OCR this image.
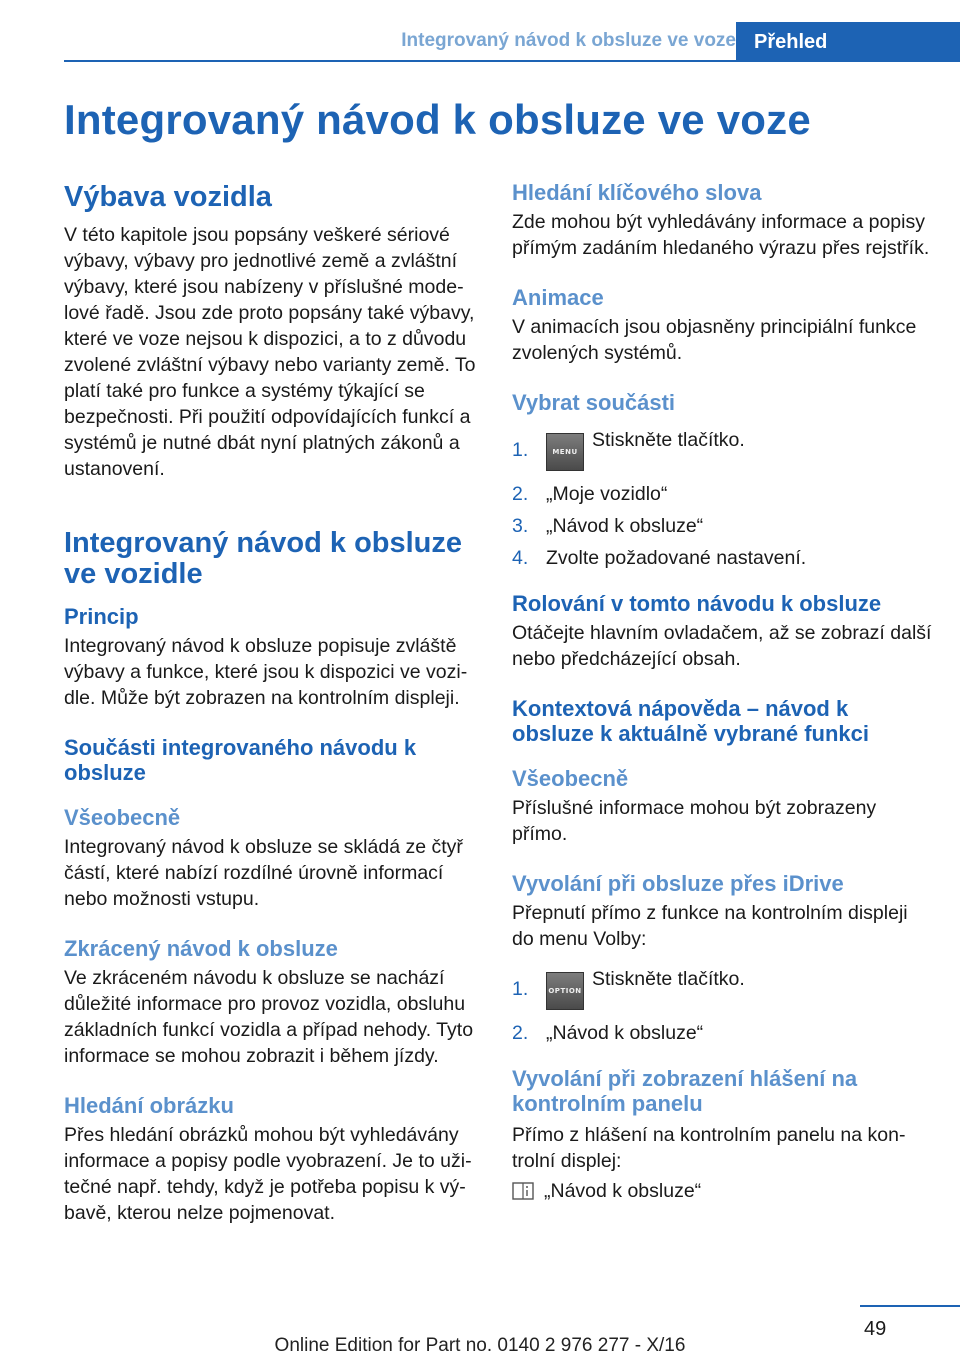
Integrovaný návod k obsluze ve voze Přehled
Integrovaný návod k obsluze ve voze
Výbava vozidla

V této kapitole jsou popsány veškeré sériové výbavy, výbavy pro jednotlivé země a zvláštní výbavy, které jsou nabízeny v příslušné modelové řadě. Jsou zde proto popsány také výbavy, které ve voze nejsou k dispozici, a to z důvodu zvolené zvláštní výbavy nebo varianty země. To platí také pro funkce a systémy týkající se bezpečnosti. Při použití odpovídajících funkcí a systémů je nutné dbát nyní platných zákonů a ustanovení.

Integrovaný návod k obsluze ve vozidle
Princip

Integrovaný návod k obsluze popisuje zvláště výbavy a funkce, které jsou k dispozici ve vozidle. Může být zobrazen na kontrolním displeji.

Součásti integrovaného návodu k obsluze
Všeobecně

Integrovaný návod k obsluze se skládá ze čtyř částí, které nabízí rozdílné úrovně informací nebo možnosti vstupu.

Zkrácený návod k obsluze

Ve zkráceném návodu k obsluze se nachází důležité informace pro provoz vozidla, obsluhu základních funkcí vozidla a případ nehody. Tyto informace se mohou zobrazit i během jízdy.

Hledání obrázku

Přes hledání obrázků mohou být vyhledávány informace a popisy podle vyobrazení. Je to užitečné např. tehdy, když je potřeba popisu k výbavě, kterou nelze pojmenovat.

Hledání klíčového slova

Zde mohou být vyhledávány informace a popisy přímým zadáním hledaného výrazu přes rejstřík.

Animace

V animacích jsou objasněny principiální funkce zvolených systémů.

Vybrat součásti
1.	MENUStiskněte tlačítko.
2. „Moje vozidlo“
3. „Návod k obsluze“
4. Zvolte požadované nastavení.
Rolování v tomto návodu k obsluze

Otáčejte hlavním ovladačem, až se zobrazí další nebo předcházející obsah.

Kontextová nápověda – návod k obsluze k aktuálně vybrané funkci
Všeobecně

Příslušné informace mohou být zobrazeny přímo.

Vyvolání při obsluze přes iDrive

Přepnutí přímo z funkce na kontrolním displeji do menu Volby:

1.	OPTIONStiskněte tlačítko.
2. „Návod k obsluze“
Vyvolání při zobrazení hlášení na kontrolním panelu

Přímo z hlášení na kontrolním panelu na kontrolní displej:

„Návod k obsluze“
49
Online Edition for Part no. 0140 2 976 277 - X/16
